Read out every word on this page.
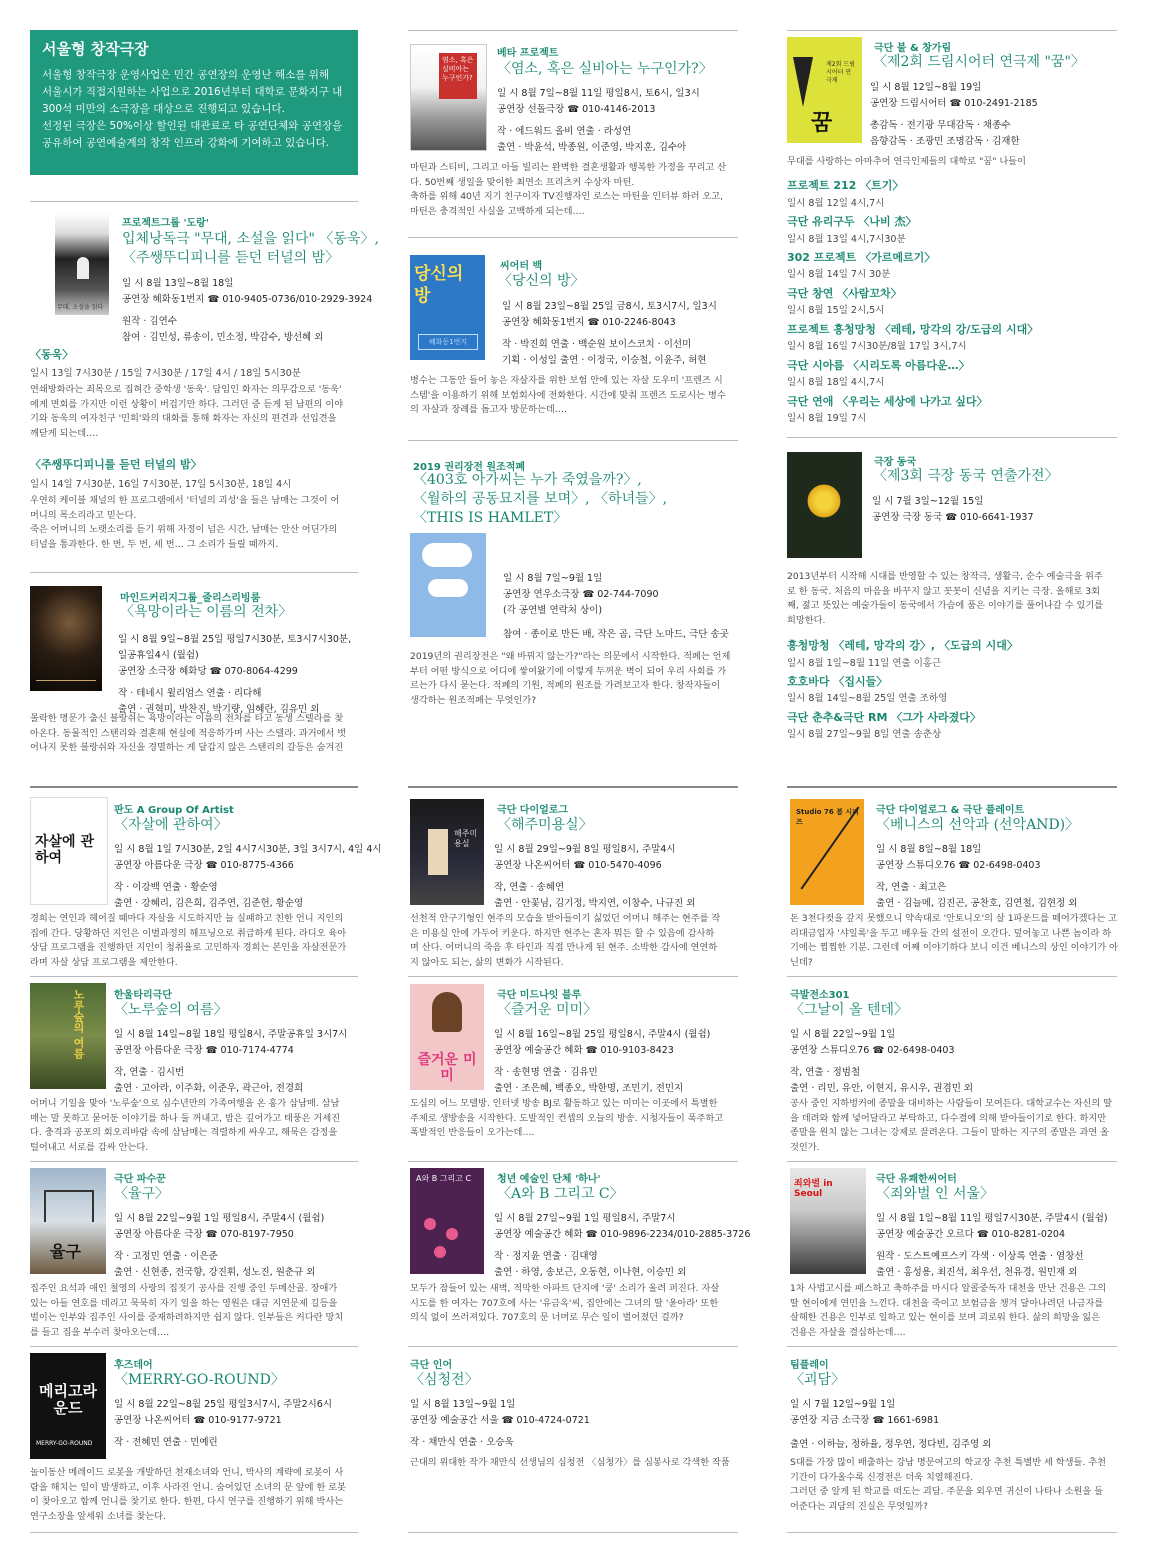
서울형 창작극장

서울형 창작극장 운영사업은 민간 공연장의 운영난 해소를 위해
서울시가 직접지원하는 사업으로 2016년부터 대학로 문화지구 내
300석 미만의 소극장을 대상으로 진행되고 있습니다.
선정된 극장은 50%이상 할인된 대관료로 타 공연단체와 공연장을
공유하여 공연예술계의 창작 인프라 강화에 기여하고 있습니다.

무대, 소설을 읽다
프로젝트그룹 '도랑'
입체낭독극 "무대, 소설을 읽다" 〈동욱〉,
〈주쌩뚜디피니를 듣던 터널의 밤〉
일 시 8월 13일~8월 18일
공연장 혜화동1번지 ☎ 010-9405-0736/010-2929-3924
원작 · 김연수
참여 · 김민성, 류송이, 민소정, 박감수, 방선혜 외
〈동욱〉
일시 13일 7시30분 / 15일 7시30분 / 17일 4시 / 18일 5시30분
연쇄방화라는 죄목으로 집혀간 중학생 '동욱'. 담임인 화자는 의무감으로 '동욱'
에게 면회를 가지만 이런 상황이 버겁기만 하다. 그러던 중 듣게 된 남편의 이야
기와 동욱의 여자친구 '민희'와의 대화를 통해 화자는 자신의 편견과 선입견을
깨닫게 되는데….
〈주쌩뚜디피니를 듣던 터널의 밤〉
일시 14일 7시30분, 16일 7시30분, 17일 5시30분, 18일 4시
우연히 케이블 채널의 한 프로그램에서 '터널의 괴성'을 들은 남매는 그것이 어
머니의 목소리라고 믿는다.
죽은 어머니의 노랫소리를 듣기 위해 자정이 넘은 시간, 남매는 안산 어딘가의
터널을 통과한다. 한 번, 두 번, 세 번… 그 소리가 들릴 때까지.
마인드커리지그룹_줄리스리빙룸
〈욕망이라는 이름의 전차〉
일 시 8월 9일~8월 25일 평일7시30분, 토3시7시30분,
일공휴일4시 (월쉼)
공연장 소극장 혜화당 ☎ 070-8064-4299
작 · 테네시 윌리엄스 연출 · 리다해
출연 · 권혁미, 박찬진, 박기량, 임혜란, 김유민 외
몰락한 명문가 출신 블랑쉬는 욕망이라는 이름의 전차를 타고 동생 스텔라를 찾
아온다. 동물적인 스탠리와 결혼해 현실에 적응하가며 사는 스텔라. 과거에서 벗
어나지 못한 블랑쉬와 자신을 경멸하는 게 달갑지 않은 스탠리의 갈등은 숨겨진
염소, 혹은 실비아는 누구인가?
베타 프로젝트
〈염소, 혹은 실비아는 누구인가?〉
일 시 8월 7일~8월 11일 평일8시, 토6시, 일3시
공연장 선돌극장 ☎ 010-4146-2013
작 · 에드워드 올비 연출 · 라성연
출연 · 박윤석, 박종원, 이준영, 박지훈, 김수아
마틴과 스티비, 그리고 아들 빌리는 완벽한 결혼생활과 행복한 가정을 꾸리고 산
다. 50번째 생일을 맞이한 최연소 프리츠커 수상자 마틴.
축하를 위해 40년 지기 친구이자 TV진행자인 로스는 마틴을 인터뷰 하러 오고,
마틴은 충격적인 사실을 고백하게 되는데….
당신의 방
혜화동1번지
씨어터 백
〈당신의 방〉
일 시 8월 23일~8월 25일 금8시, 토3시7시, 일3시
공연장 혜화동1번지 ☎ 010-2246-8043
작 · 박진희 연출 · 백순원 보이스코치 · 이선미
기획 · 이성일 출연 · 이정국, 이승철, 이윤주, 허현
병수는 그동안 들어 놓은 자살자를 위한 보험 안에 있는 자살 도우미 '프렌즈 시
스템'을 이용하기 위해 보험회사에 전화한다. 시간에 맞춰 프렌즈 도로시는 병수
의 자살과 장례를 돕고자 방문하는데….
2019 권리장전 원조적폐
〈403호 아가씨는 누가 죽였을까?〉,
〈월하의 공동묘지를 보며〉, 〈하녀들〉,
〈THIS IS HAMLET〉
일 시 8월 7일~9월 1일
공연장 연우소극장 ☎ 02-744-7090
(각 공연별 연락처 상이)
참여 · 종이로 만든 배, 작은 곰, 극단 노마드, 극단 송곳
2019년의 권리장전은 "왜 바꿔지 않는가?"라는 의문에서 시작한다. 적폐는 언제
부터 어떤 방식으로 어디에 쌓여왔기에 이렇게 두꺼운 벽이 되어 우리 사회를 가
르는가 다시 묻는다. 적폐의 기원, 적폐의 원조를 가려보고자 한다. 창작자들이
생각하는 원조적폐는 무엇인가?
제2회 드림시어터 연극제
꿈
극단 불 & 창가림
〈제2회 드림시어터 연극제 "꿈"〉
일 시 8월 12일~8월 19일
공연장 드림시어터 ☎ 010-2491-2185
총감독 · 전기광 무대감독 · 채종수
음향감독 · 조광민 조명감독 · 김재한
무대를 사랑하는 아마추어 연극인제들의 대학로 "꿈" 나들이
프로젝트 212 〈트기〉
일시 8월 12일 4시,7시
극단 유리구두 〈나비 杰〉
일시 8월 13일 4시,7시30분
302 프로젝트 〈가르메르기〉
일시 8월 14일 7시 30분
극단 창연 〈사람꼬차〉
일시 8월 15일 2시,5시
프로젝트 흥청망청 〈레테, 망각의 강/도급의 시대〉
일시 8월 16일 7시30분/8월 17일 3시,7시
극단 시아름 〈시리도록 아름다운…〉
일시 8월 18일 4시,7시
극단 연애 〈우리는 세상에 나가고 싶다〉
일시 8월 19일 7시
극장 동국
〈제3회 극장 동국 연출가전〉
일 시 7월 3일~12월 15일
공연장 극장 동국 ☎ 010-6641-1937
2013년부터 시작해 시대를 반영할 수 있는 창작극, 생활극, 순수 예술극을 위주
로 한 동국. 처음의 마음을 바꾸지 않고 꼿꼿이 신념을 지키는 극장. 올해로 3회
째, 젊고 뜻있는 예술가들이 동국에서 가슴에 품은 이야기를 풀어나갈 수 있기를
희망한다.
흥청망청 〈레테, 망각의 강〉, 〈도급의 시대〉
일시 8월 1일~8월 11일 연출 이홍근
호호바다 〈집시들〉
일시 8월 14일~8월 25일 연출 조하영
극단 춘추&극단 RM 〈그가 사라졌다〉
일시 8월 27일~9월 8일 연출 송춘상
자살에 관하여
판도 A Group Of Artist
〈자살에 관하여〉
일 시 8월 1일 7시30분, 2일 4시7시30분, 3일 3시7시, 4일 4시
공연장 아름다운 극장 ☎ 010-8775-4366
작 · 이강백 연출 · 황순영
출연 · 강혜리, 김은희, 김주연, 김준헌, 황순영
경희는 연인과 헤어질 때마다 자살을 시도하지만 늘 실패하고 친한 언니 지인의
집에 간다. 당황하던 지인은 이별과정의 해프닝으로 취급하게 된다. 라디오 육아
상담 프로그램을 진행하던 지인이 청취율로 고민하자 경희는 본인을 자살전문가
라며 자살 상담 프로그램을 제안한다.
해주미용실
극단 다이얼로그
〈해주미용실〉
일 시 8월 29일~9월 8일 평일8시, 주말4시
공연장 나온씨어터 ☎ 010-5470-4096
작, 연출 · 송혜연
출연 · 안꽃님, 김기정, 박지연, 이창수, 나규진 외
선천적 안구기형인 현주의 모습을 받아들이기 싫었던 어머니 해주는 현주를 작
은 미용실 안에 가두어 키운다. 하지만 현주는 혼자 뭐든 할 수 있음에 감사하
며 산다. 어머니의 죽음 후 타인과 직접 만나게 된 현주. 소박한 감사에 연연하
지 않아도 되는, 삶의 변화가 시작된다.
Studio 76 봄 시리즈
극단 다이얼로그 & 극단 플레이트
〈베니스의 선악과 (선악AND)〉
일 시 8월 8일~8월 18일
공연장 스튜디오76 ☎ 02-6498-0403
작, 연출 · 최고은
출연 · 김늘메, 김진곤, 공찬호, 김연철, 김현정 외
돈 3천다컷을 갚지 못했으니 약속대로 '안토니오'의 살 1파운드를 떼어가겠다는 고
리대금업자 '샤일록'을 두고 배우들 간의 설전이 오간다. 덮어놓고 나쁜 놈이라 하
기에는 찝찝한 기분. 그런데 어째 이야기하다 보니 이건 베니스의 상인 이야기가 아
닌데?
노루숲의 여름	한울타리극단
〈노루숲의 여름〉
일 시 8월 14일~8월 18일 평일8시, 주말공휴일 3시7시
공연장 아름다운 극장 ☎ 010-7174-4774
작, 연출 · 김시번
출연 · 고아라, 이주화, 이준우, 곽근아, 전경희
어머니 기일을 맞아 '노루숲'으로 심수년만의 가족여행을 온 홍가 삼남매. 삼남
매는 말 못하고 묻어둔 이야기를 하나 둘 꺼내고, 밤은 깊어가고 태풍은 거세진
다. 충격과 공포의 회오리바람 속에 삼남매는 격렬하게 싸우고, 해묵은 감정을
털어내고 서로를 감싸 안는다.
즐거운 미미
극단 미드나잇 블루
〈즐거운 미미〉
일 시 8월 16일~8월 25일 평일8시, 주말4시 (월쉼)
공연장 예술공간 혜화 ☎ 010-9103-8423
작 · 송현명 연출 · 김유민
출연 · 조은혜, 백종오, 박한명, 조민기, 전민지
도심의 어느 모텔방. 인터넷 방송 BJ로 활동하고 있는 미미는 이곳에서 특별한
주제로 생방송을 시작한다. 도발적인 컨셉의 오늘의 방송. 시청자들이 폭주하고
폭발적인 반응들이 오가는데….
극발전소301
〈그날이 올 텐데〉
일 시 8월 22일~9월 1일
공연장 스튜디오76 ☎ 02-6498-0403
작, 연출 · 정범철
출연 · 리민, 유안, 이현지, 유시우, 권겸민 외
공사 중인 지하벙커에 종말을 대비하는 사람들이 모여든다. 대학교수는 자신의 딸
을 데려와 함께 넣어달라고 부탁하고, 다수결에 의해 받아들이기로 한다. 하지만
종말을 원치 않는 그녀는 강제로 끌려온다. 그들이 말하는 지구의 종말은 과연 올
것인가.
율구
극단 파수꾼
〈율구〉
일 시 8월 22일~9월 1일 평일8시, 주말4시 (월쉼)
공연장 아름다운 극장 ☎ 070-8197-7950
작 · 고정민 연출 · 이은준
출연 · 신현종, 전국향, 강진휘, 성노진, 원춘규 외
집주인 요석과 애인 철영의 사랑의 집짓기 공사를 진행 중인 두메산골. 장애가
있는 아들 연호를 데리고 묵묵히 자기 일을 하는 영원은 대금 지연문제 길등을
벌이는 인부와 집주인 사이를 중재하려하지만 쉽지 않다. 인부들은 커다란 망치
를 들고 집을 부수러 찾아오는데….
A와 B 그리고 C	청년 예술인 단체 '하나'
〈A와 B 그리고 C〉
일 시 8월 27일~9월 1일 평일8시, 주말7시
공연장 예술공간 혜화 ☎ 010-9896-2234/010-2885-3726
작 · 정지윤 연출 · 김대영
출연 · 하영, 송보근, 오동현, 이나현, 이승민 외
모두가 잠들어 있는 새벽, 적막한 아파트 단지에 '쿵' 소리가 울려 퍼진다. 자살
시도를 한 여자는 707호에 사는 '유금옥'씨, 집안에는 그녀의 딸 '윤아라' 또한
의식 없이 쓰러져있다. 707호의 문 너머로 무슨 일이 벌어졌던 걸까?
죄와벌 in Seoul
극단 유쾌한씨어터
〈죄와벌 인 서울〉
일 시 8월 1일~8월 11일 평일7시30분, 주말4시 (월쉼)
공연장 예술공간 오르다 ☎ 010-8281-0204
원작 · 도스트예프스키 각색 · 이상록 연출 · 염창선
출연 · 홍성용, 최진석, 최우선, 천유경, 원민재 외
1차 사법고시를 패스하고 축하주를 마시다 알콜중독자 대천을 만난 건용은 그의
딸 현이에게 연민을 느낀다. 대천을 죽이고 보험금을 챙겨 달아나려던 나금자를
살해한 건용은 인부로 일하고 있는 현이를 보며 괴로워 한다. 삶의 희망을 잃은
건용은 자살을 결심하는데….
메리고라운드
MERRY-GO-ROUND
후즈데어
〈MERRY-GO-ROUND〉
일 시 8월 22일~8월 25일 평일3시7시, 주말2시6시
공연장 나온씨어터 ☎ 010-9177-9721
작 · 전혜민 연출 · 민예린
놀이동산 메레이드 로봇을 개발하던 천재소녀와 언니, 박사의 계략에 로봇이 사
람을 해치는 일이 발생하고, 이후 사라진 언니. 숨어있던 소녀의 문 앞에 한 로봇
이 찾아오고 함께 언니를 찾기로 한다. 한편, 다시 연구를 진행하기 위해 박사는
연구소장을 앞세워 소녀를 찾는다.
극단 인어
〈심청전〉
일 시 8월 13일~9월 1일
공연장 예술공간 서울 ☎ 010-4724-0721
작 · 채만식 연출 · 오승욱
근대의 위대한 작가 채만식 선생님의 심청전 〈심청가〉를 심봉사로 각색한 작품
팀플레이
〈괴담〉
일 시 7월 12일~9월 1일
공연장 지금 소극장 ☎ 1661-6981
출연 · 이하늘, 정하율, 정우연, 정다빈, 김주영 외
S대를 가장 많이 배출하는 강남 명문여고의 학교장 추천 특별반 세 학생들. 추천
기간이 다가올수록 신경전은 더욱 치열해진다.
그러던 중 알게 된 학교를 떠도는 괴담. 주문을 외우면 귀신이 나타나 소원을 들
어준다는 괴담의 진실은 무엇일까?
